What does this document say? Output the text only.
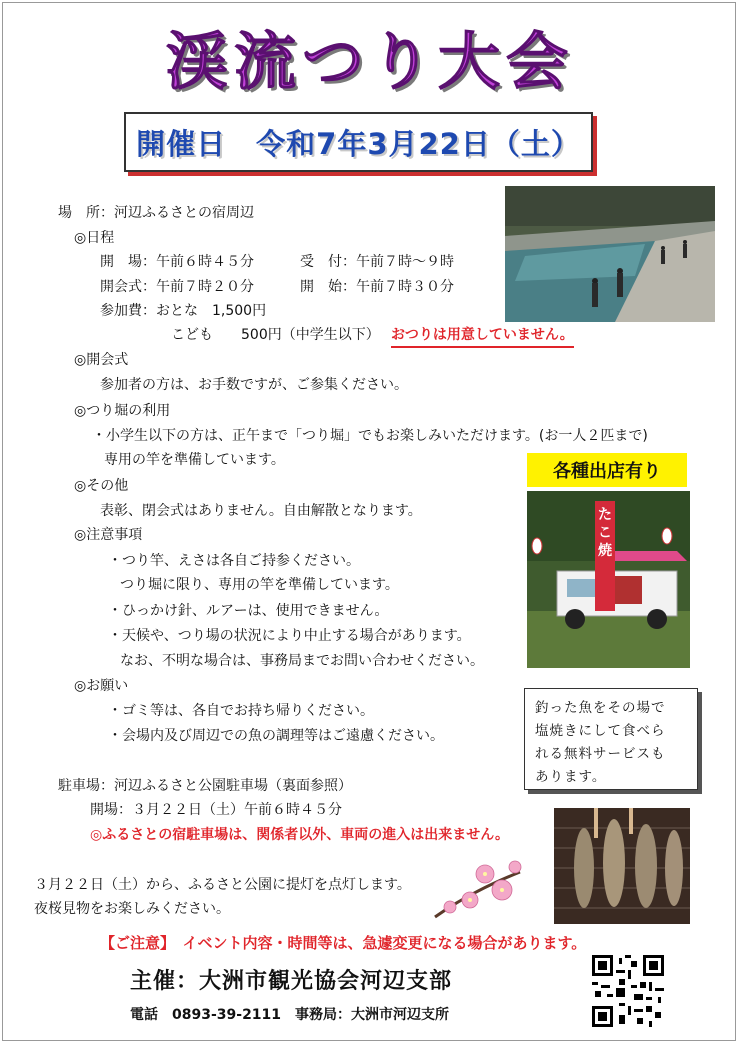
渓流つり大会
開催日　令和7年3月22日（土）
場　所：河辺ふるさとの宿周辺
◎日程
開　場：午前６時４５分	受　付：午前７時～９時
開会式：午前７時２０分	開　始：午前７時３０分
参加費：おとな　1,500円
こども　　500円（中学生以下） おつりは用意していません。
◎開会式
参加者の方は、お手数ですが、ご参集ください。
◎つり堀の利用
・小学生以下の方は、正午まで「つり堀」でもお楽しみいただけます。(お一人２匹まで)
専用の竿を準備しています。
各種出店有り
◎その他
表彰、閉会式はありません。自由解散となります。
◎注意事項
・つり竿、えさは各自ご持参ください。
つり堀に限り、専用の竿を準備しています。
・ひっかけ針、ルアーは、使用できません。
・天候や、つり場の状況により中止する場合があります。
なお、不明な場合は、事務局までお問い合わせください。
た
こ
焼
◎お願い
・ゴミ等は、各自でお持ち帰りください。
・会場内及び周辺での魚の調理等はご遠慮ください。
釣った魚をその場で
塩焼きにして食べら
れる無料サービスも
あります。
駐車場：河辺ふるさと公園駐車場（裏面参照）
開場：３月２２日（土）午前６時４５分
◎ふるさとの宿駐車場は、関係者以外、車両の進入は出来ません。
３月２２日（土）から、ふるさと公園に提灯を点灯します。
夜桜見物をお楽しみください。
【ご注意】　イベント内容・時間等は、急遽変更になる場合があります。
主催：大洲市観光協会河辺支部
電話　0893-39-2111　事務局：大洲市河辺支所
